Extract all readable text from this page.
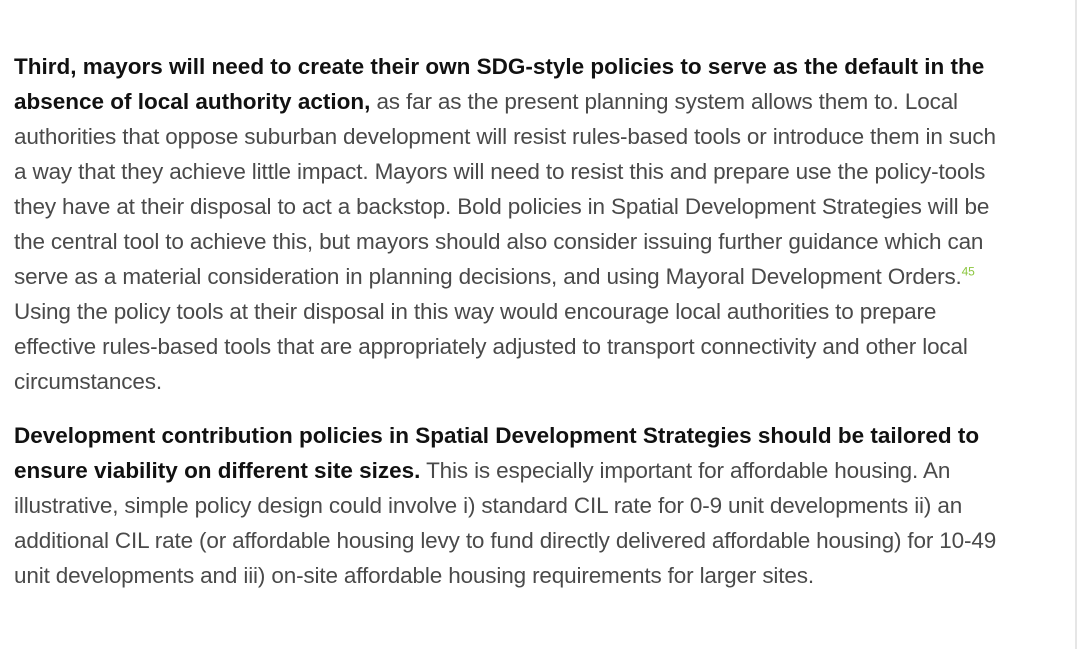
Third, mayors will need to create their own SDG-style policies to serve as the default in the absence of local authority action, as far as the present planning system allows them to. Local authorities that oppose suburban development will resist rules-based tools or introduce them in such a way that they achieve little impact. Mayors will need to resist this and prepare use the policy-tools they have at their disposal to act a backstop. Bold policies in Spatial Development Strategies will be the central tool to achieve this, but mayors should also consider issuing further guidance which can serve as a material consideration in planning decisions, and using Mayoral Development Orders.$^{45}$ Using the policy tools at their disposal in this way would encourage local authorities to prepare effective rules-based tools that are appropriately adjusted to transport connectivity and other local circumstances.

Development contribution policies in Spatial Development Strategies should be tailored to ensure viability on different site sizes. This is especially important for affordable housing. An illustrative, simple policy design could involve i) standard CIL rate for 0-9 unit developments ii) an additional CIL rate (or affordable housing levy to fund directly delivered affordable housing) for 10-49 unit developments and iii) on-site affordable housing requirements for larger sites.
